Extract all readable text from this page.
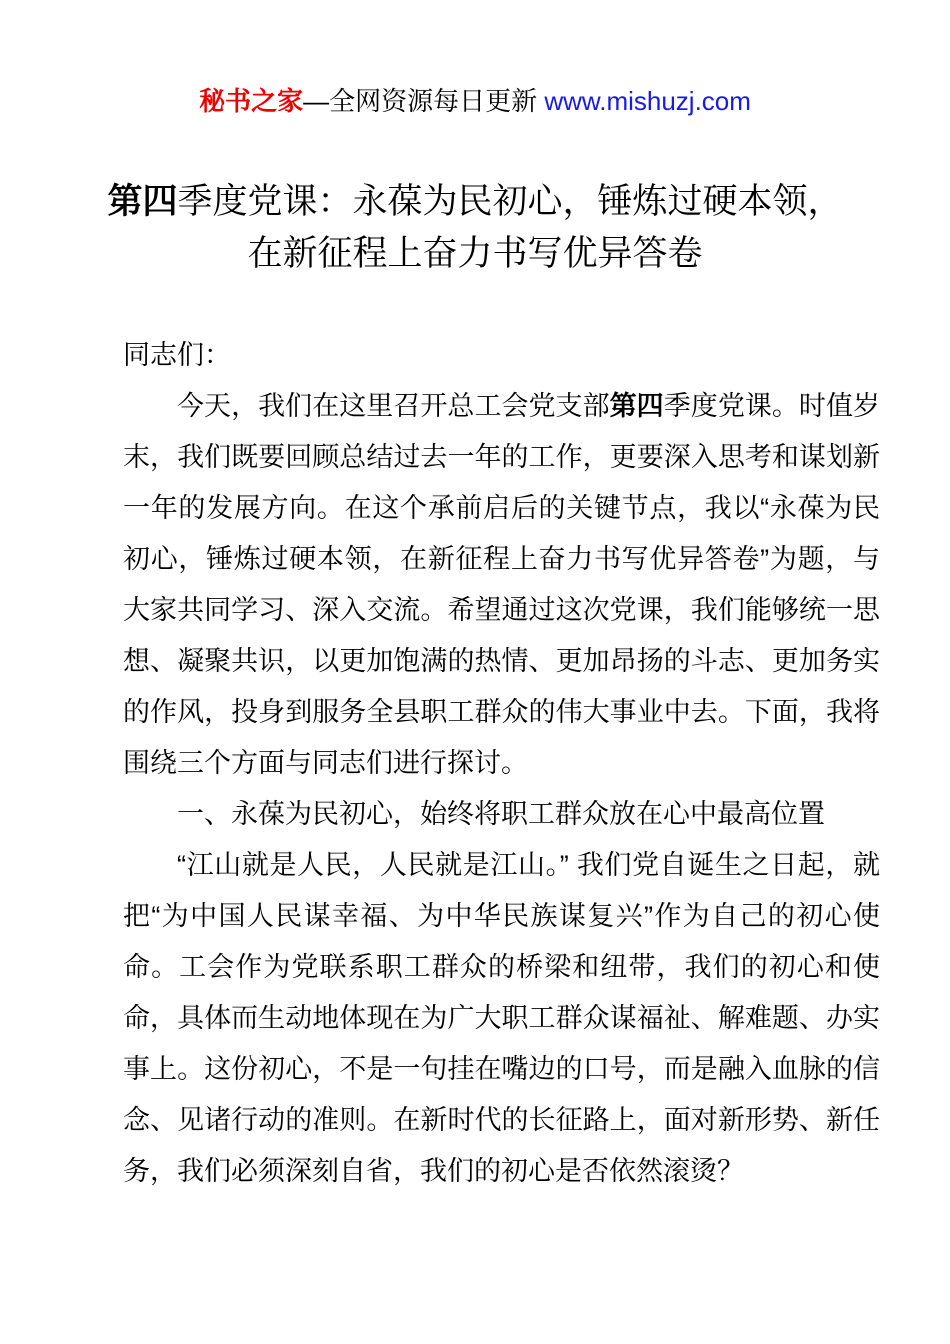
秘书之家—全网资源每日更新 www.mishuzj.com
第四季度党课：永葆为民初心，锤炼过硬本领，在新征程上奋力书写优异答卷

同志们：

今天，我们在这里召开总工会党支部第四季度党课。时值岁末，我们既要回顾总结过去一年的工作，更要深入思考和谋划新一年的发展方向。在这个承前启后的关键节点，我以“永葆为民初心，锤炼过硬本领，在新征程上奋力书写优异答卷”为题，与大家共同学习、深入交流。希望通过这次党课，我们能够统一思想、凝聚共识，以更加饱满的热情、更加昂扬的斗志、更加务实的作风，投身到服务全县职工群众的伟大事业中去。下面，我将围绕三个方面与同志们进行探讨。

一、永葆为民初心，始终将职工群众放在心中最高位置

“江山就是人民，人民就是江山。” 我们党自诞生之日起，就把“为中国人民谋幸福、为中华民族谋复兴”作为自己的初心使命。工会作为党联系职工群众的桥梁和纽带，我们的初心和使命，具体而生动地体现在为广大职工群众谋福祉、解难题、办实事上。这份初心，不是一句挂在嘴边的口号，而是融入血脉的信念、见诸行动的准则。在新时代的长征路上，面对新形势、新任务，我们必须深刻自省，我们的初心是否依然滚烫？
